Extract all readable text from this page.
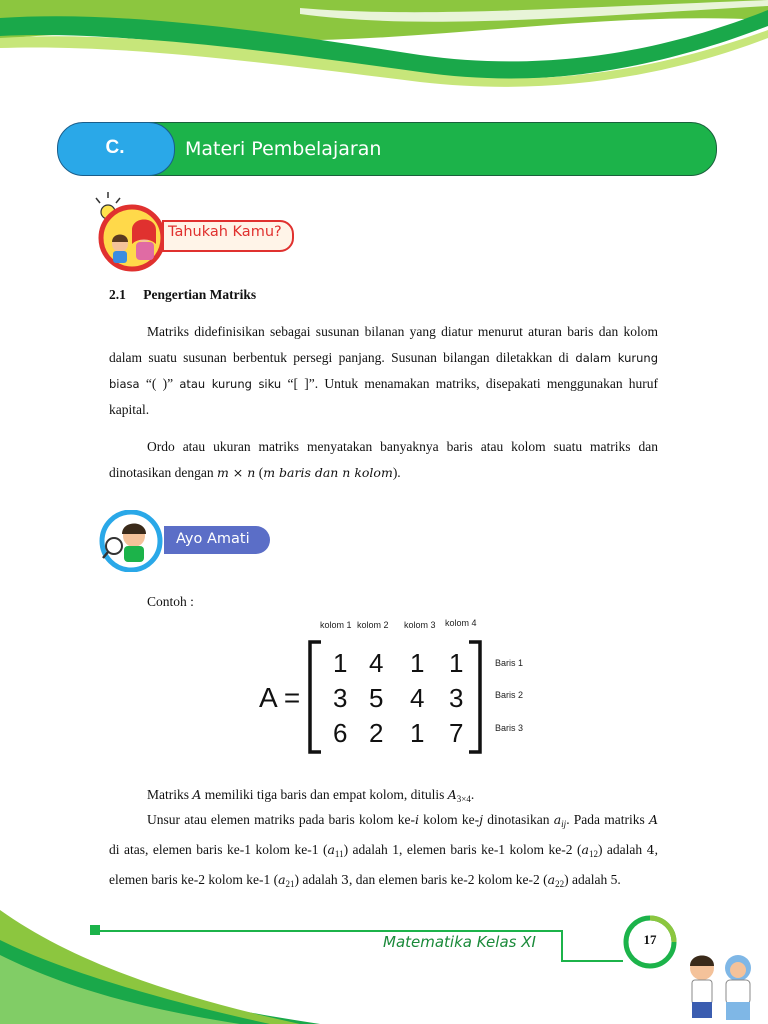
C.	Materi Pembelajaran
Tahukah Kamu?
2.1 Pengertian Matriks
Matriks didefinisikan sebagai susunan bilanan yang diatur menurut aturan baris dan kolom dalam suatu susunan berbentuk persegi panjang. Susunan bilangan diletakkan di dalam kurung biasa “( )” atau kurung siku “[ ]”. Untuk menamakan matriks, disepakati menggunakan huruf kapital.
Ordo atau ukuran matriks menyatakan banyaknya baris atau kolom suatu matriks dan dinotasikan dengan m × n (m baris dan n kolom).
Ayo Amati
Contoh :
kolom 1 kolom 2 kolom 3 kolom 4
A =
1 4 1 1
3 5 4 3
6 2 1 7
Baris 1
Baris 2
Baris 3
Matriks A memiliki tiga baris dan empat kolom, ditulis $A_{3\times 4}$.
Unsur atau elemen matriks pada baris kolom ke-i kolom ke-j dinotasikan $a_{ij}$. Pada matriks A di atas, elemen baris ke-1 kolom ke-1 $(a_{11})$ adalah 1, elemen baris ke-1 kolom ke-2 $(a_{12})$ adalah 4, elemen baris ke-2 kolom ke-1 $(a_{21})$ adalah 3, dan elemen baris ke-2 kolom ke-2 $(a_{22})$ adalah 5.
Matematika Kelas XI	17
